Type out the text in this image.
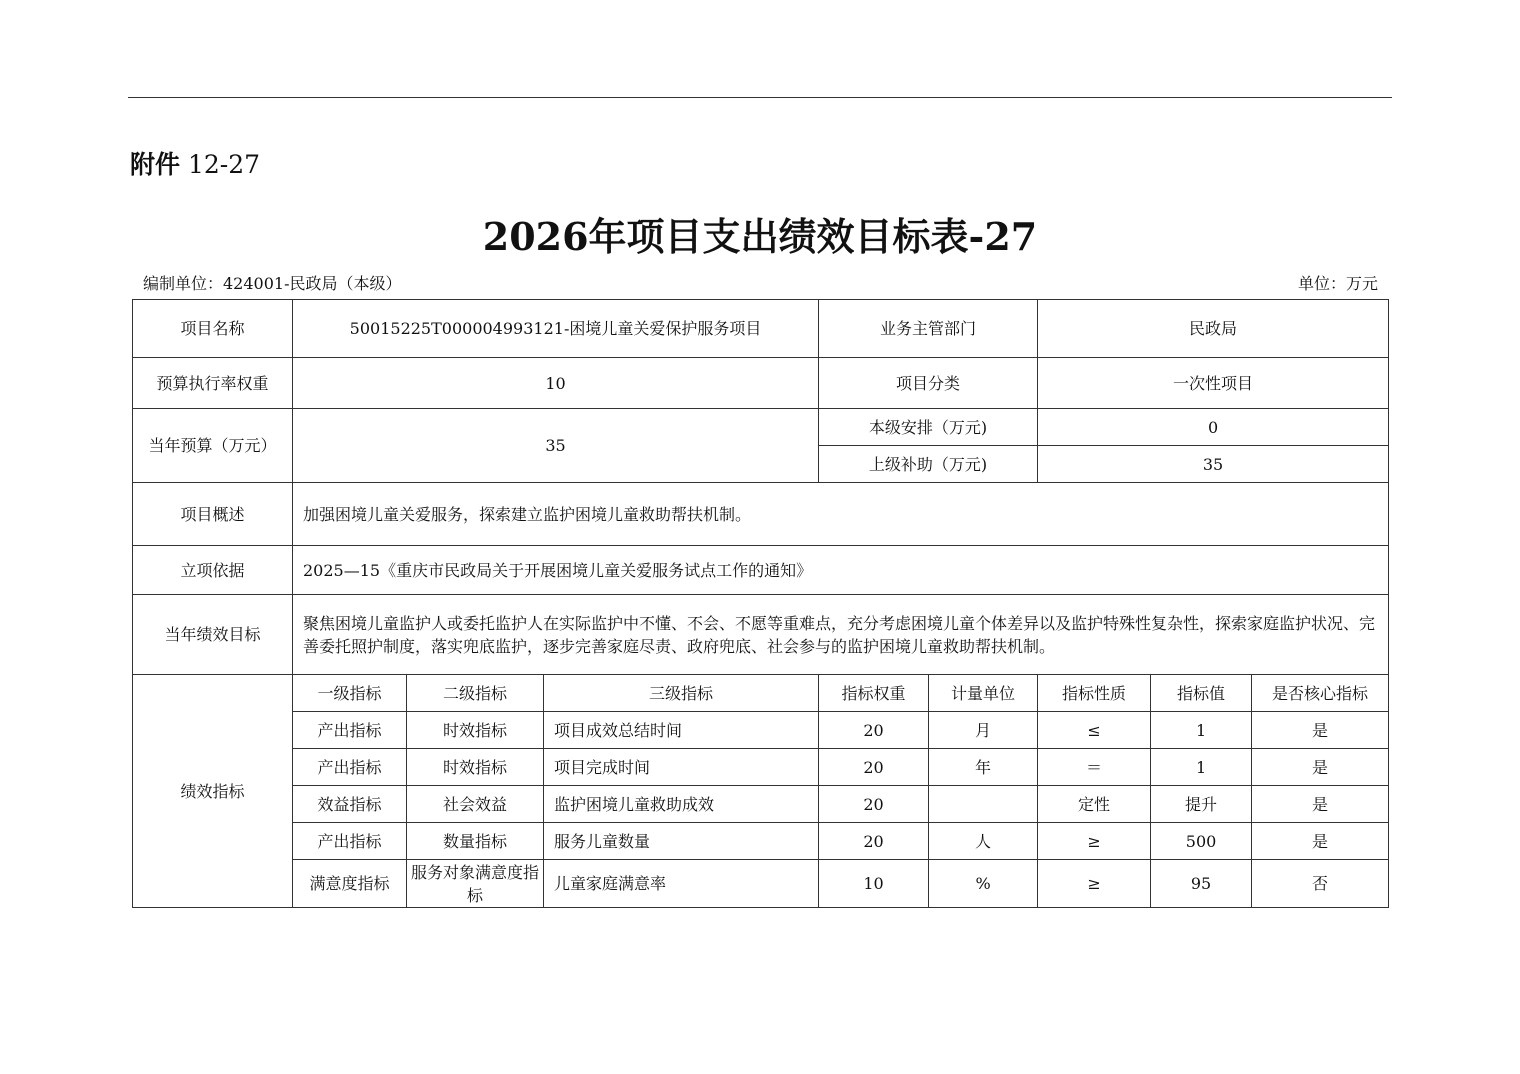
附件 12-27
2026年项目支出绩效目标表-27
编制单位：424001-民政局（本级）	单位：万元
项目名称	50015225T000004993121-困境儿童关爱保护服务项目			业务主管部门		民政局		
预算执行率权重	10			项目分类		一次性项目		
当年预算（万元）	35			本级安排（万元)		0		
				上级补助（万元)		35		
项目概述	加强困境儿童关爱服务，探索建立监护困境儿童救助帮扶机制。							
立项依据	2025—15《重庆市民政局关于开展困境儿童关爱服务试点工作的通知》							
当年绩效目标	聚焦困境儿童监护人或委托监护人在实际监护中不懂、不会、不愿等重难点，充分考虑困境儿童个体差异以及监护特殊性复杂性，探索家庭监护状况、完善委托照护制度，落实兜底监护，逐步完善家庭尽责、政府兜底、社会参与的监护困境儿童救助帮扶机制。							
绩效指标	一级指标	二级指标	三级指标	指标权重	计量单位	指标性质	指标值	是否核心指标
	产出指标	时效指标	项目成效总结时间	20	月	≤	1	是
	产出指标	时效指标	项目完成时间	20	年	＝	1	是
	效益指标	社会效益	监护困境儿童救助成效	20		定性	提升	是
	产出指标	数量指标	服务儿童数量	20	人	≥	500	是
	满意度指标	服务对象满意度指标	儿童家庭满意率	10	%	≥	95	否
